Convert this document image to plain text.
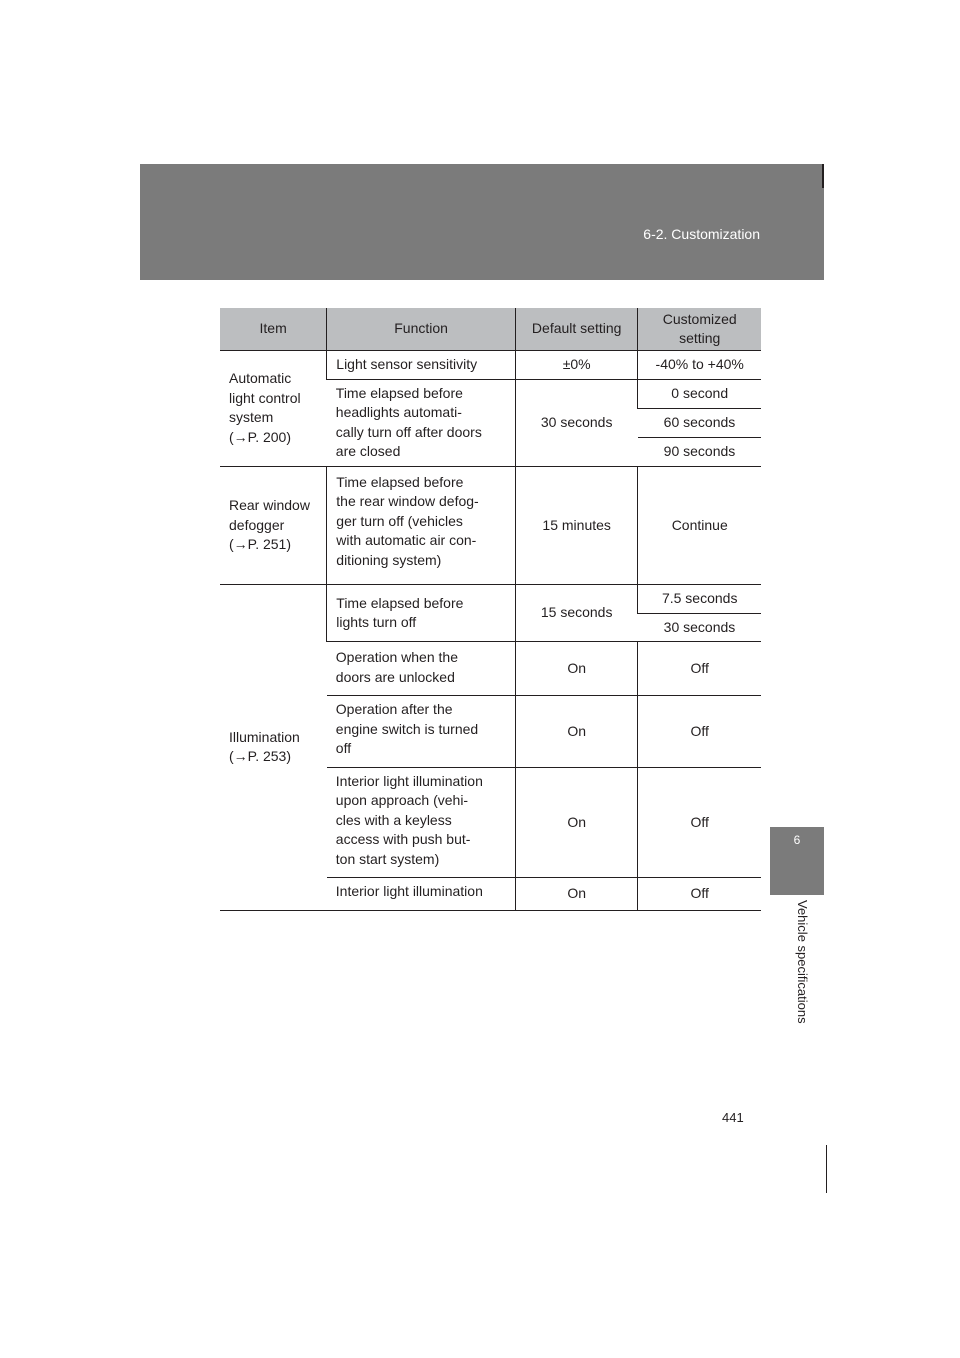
6-2. Customization
Item	Function	Default setting	Customized
setting
Automatic
light control
system
(→P. 200)	Light sensor sensitivity	±0%	-40% to +40%
	Time elapsed before
headlights automati-
cally turn off after doors
are closed	30 seconds	0 second
			60 seconds
			90 seconds
Rear window
defogger
(→P. 251)	Time elapsed before
the rear window defog-
ger turn off (vehicles
with automatic air con-
ditioning system)	15 minutes	Continue
Illumination
(→P. 253)	Time elapsed before
lights turn off	15 seconds	7.5 seconds
			30 seconds
	Operation when the
doors are unlocked	On	Off
	Operation after the
engine switch is turned
off	On	Off
	Interior light illumination
upon approach (vehi-
cles with a keyless
access with push but-
ton start system)	On	Off
	Interior light illumination	On	Off
6
Vehicle specifications
441
